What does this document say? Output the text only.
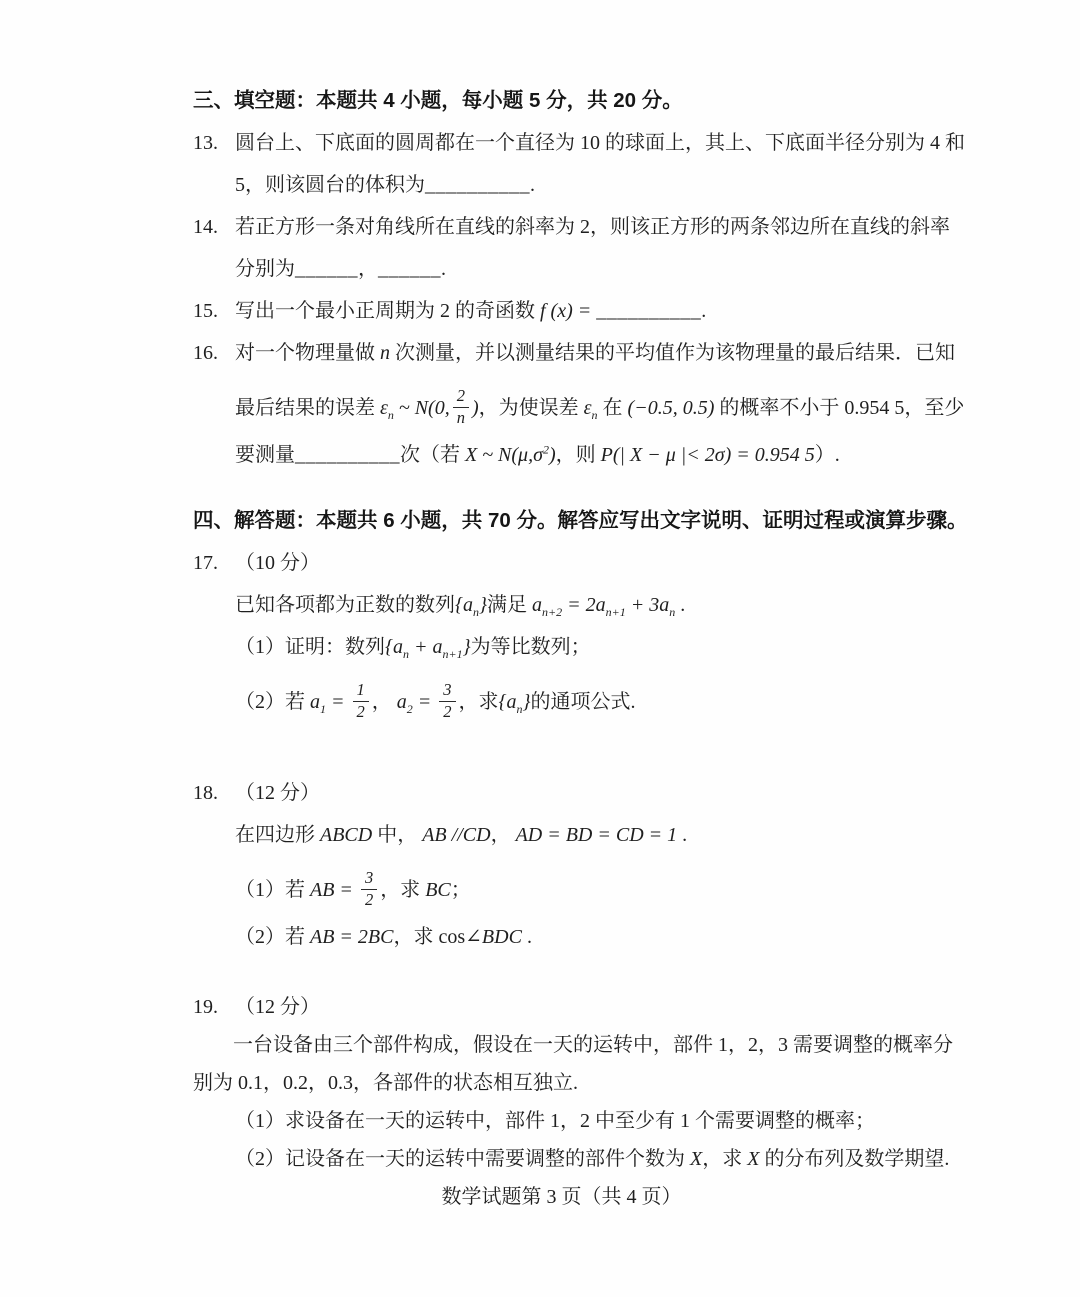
三、填空题：本题共 4 小题，每小题 5 分，共 20 分。
13. 圆台上、下底面的圆周都在一个直径为 10 的球面上，其上、下底面半径分别为 4 和
5，则该圆台的体积为__________.
14. 若正方形一条对角线所在直线的斜率为 2，则该正方形的两条邻边所在直线的斜率
分别为______，______.
15. 写出一个最小正周期为 2 的奇函数 f (x) = __________.
16. 对一个物理量做 n 次测量，并以测量结果的平均值作为该物理量的最后结果．已知
最后结果的误差 $\varepsilon_n$ ~ N(0, $\frac{2}{n}$ )，为使误差 $\varepsilon_n$ 在 (−0.5, 0.5) 的概率不小于 0.954 5，至少
要测量__________次（若 X ~ $N(\mu,\sigma^2)$，则 P(| X − μ |< 2σ) = 0.954 5）.
四、解答题：本题共 6 小题，共 70 分。解答应写出文字说明、证明过程或演算步骤。
17. （10 分）
已知各项都为正数的数列$\{a_n\}$满足 $a_{n+2} = 2a_{n+1} + 3a_n$ .
（1）证明：数列$\{a_n + a_{n+1}\}$为等比数列；
（2）若 $a_1 = \frac{1}{2}$ ， $a_2 = \frac{3}{2}$ ，求$\{a_n\}$的通项公式.
18. （12 分）
在四边形 ABCD 中， AB //CD， AD = BD = CD = 1 .
（1）若 AB = $\frac{3}{2}$ ，求 BC；
（2）若 AB = 2BC，求 cos∠BDC .
19. （12 分）
一台设备由三个部件构成，假设在一天的运转中，部件 1，2，3 需要调整的概率分
别为 0.1，0.2，0.3，各部件的状态相互独立.
（1）求设备在一天的运转中，部件 1，2 中至少有 1 个需要调整的概率；
（2）记设备在一天的运转中需要调整的部件个数为 X，求 X 的分布列及数学期望.
数学试题第 3 页（共 4 页）
